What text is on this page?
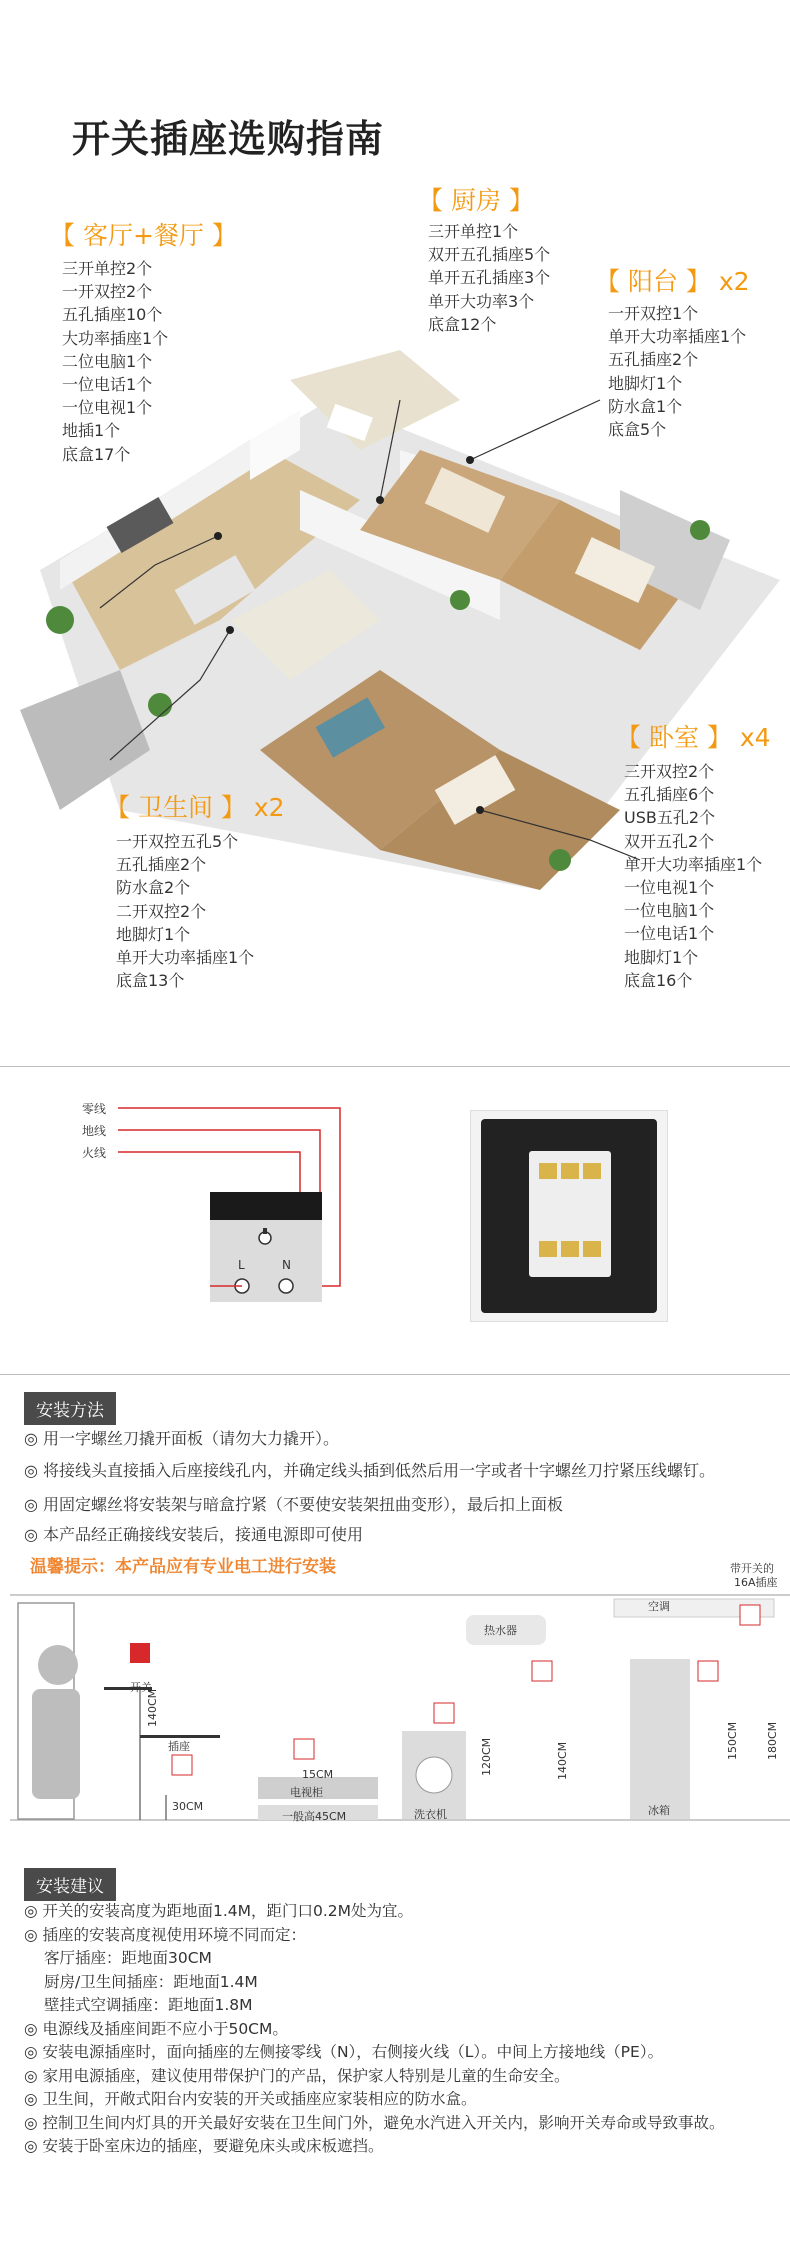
开关插座选购指南
【 客厅+餐厅 】
三开单控2个
一开双控2个
五孔插座10个
大功率插座1个
二位电脑1个
一位电话1个
一位电视1个
地插1个
底盒17个
【 厨房 】
三开单控1个
双开五孔插座5个
单开五孔插座3个
单开大功率3个
底盒12个
【 阳台 】 x2
一开双控1个
单开大功率插座1个
五孔插座2个
地脚灯1个
防水盒1个
底盒5个
【 卫生间 】 x2
一开双控五孔5个
五孔插座2个
防水盒2个
二开双控2个
地脚灯1个
单开大功率插座1个
底盒13个
【 卧室 】 x4
三开双控2个
五孔插座6个
USB五孔2个
双开五孔2个
单开大功率插座1个
一位电视1个
一位电脑1个
一位电话1个
地脚灯1个
底盒16个
零线
地线
火线
L	N
安装方法
◎ 用一字螺丝刀撬开面板（请勿大力撬开）。
◎ 将接线头直接插入后座接线孔内，并确定线头插到低然后用一字或者十字螺丝刀拧紧压线螺钉。
◎ 用固定螺丝将安装架与暗盒拧紧（不要使安装架扭曲变形），最后扣上面板
◎ 本产品经正确接线安装后，接通电源即可使用
温馨提示：本产品应有专业电工进行安装
开关
插座
140CM
30CM
15CM
电视柜
一般高45CM	洗衣机
120CM
热水器
140CM
空调
带开关的
16A插座
冰箱
150CM 180CM
安装建议
◎ 开关的安装高度为距地面1.4M，距门口0.2M处为宜。
◎ 插座的安装高度视使用环境不同而定：
客厅插座：距地面30CM
厨房/卫生间插座：距地面1.4M
壁挂式空调插座：距地面1.8M
◎ 电源线及插座间距不应小于50CM。
◎ 安装电源插座时，面向插座的左侧接零线（N），右侧接火线（L）。中间上方接地线（PE）。
◎ 家用电源插座，建议使用带保护门的产品，保护家人特别是儿童的生命安全。
◎ 卫生间，开敞式阳台内安装的开关或插座应家装相应的防水盒。
◎ 控制卫生间内灯具的开关最好安装在卫生间门外，避免水汽进入开关内，影响开关寿命或导致事故。
◎ 安装于卧室床边的插座，要避免床头或床板遮挡。
